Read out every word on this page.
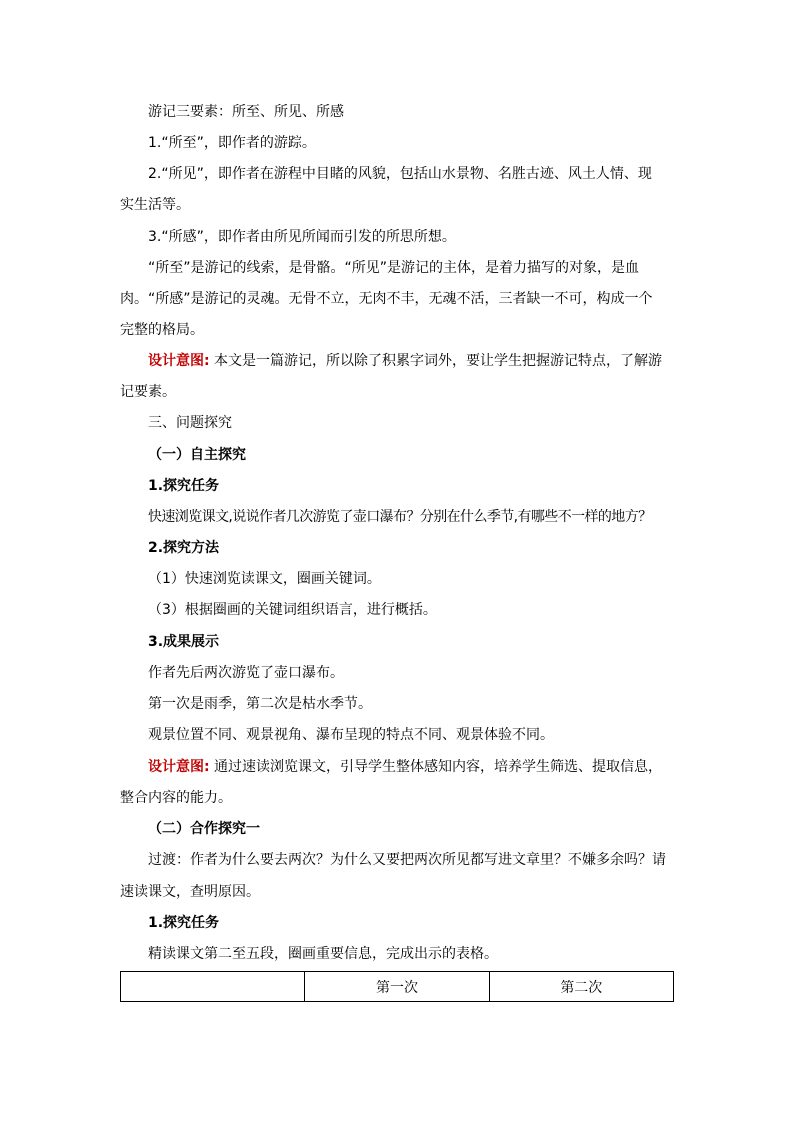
游记三要素：所至、所见、所感
1.“所至”，即作者的游踪。
2.“所见”，即作者在游程中目睹的风貌，包括山水景物、名胜古迹、风土人情、现
实生活等。
3.“所感”，即作者由所见所闻而引发的所思所想。
“所至”是游记的线索，是骨骼。“所见”是游记的主体，是着力描写的对象，是血
肉。“所感”是游记的灵魂。无骨不立，无肉不丰，无魂不活，三者缺一不可，构成一个
完整的格局。
设计意图: 本文是一篇游记，所以除了积累字词外，要让学生把握游记特点，了解游
记要素。
三、问题探究
（一）自主探究
1.探究任务
快速浏览课文,说说作者几次游览了壶口瀑布？分别在什么季节,有哪些不一样的地方？
2.探究方法
（1）快速浏览读课文，圈画关键词。
（3）根据圈画的关键词组织语言，进行概括。
3.成果展示
作者先后两次游览了壶口瀑布。
第一次是雨季，第二次是枯水季节。
观景位置不同、观景视角、瀑布呈现的特点不同、观景体验不同。
设计意图: 通过速读浏览课文，引导学生整体感知内容，培养学生筛选、提取信息，
整合内容的能力。
（二）合作探究一
过渡：作者为什么要去两次？为什么又要把两次所见都写进文章里？不嫌多余吗？请
速读课文，查明原因。
1.探究任务
精读课文第二至五段，圈画重要信息，完成出示的表格。
	第一次	第二次
